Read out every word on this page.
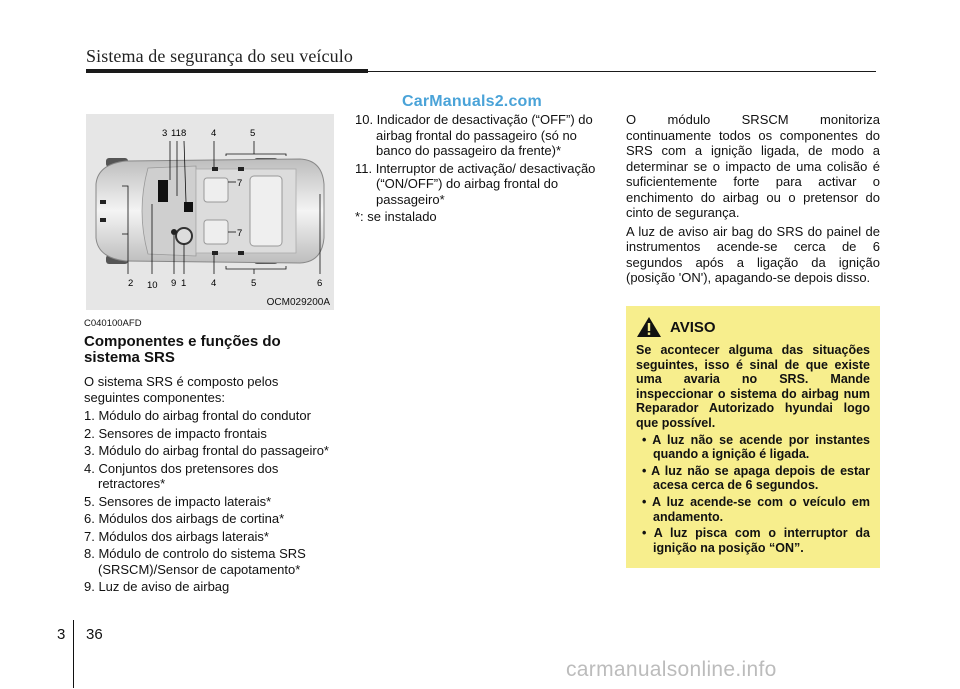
Sistema de segurança do seu veículo
CarManuals2.com
3 11 8	4	5
7
7
2 10 9 1	4	5	6
OCM029200A
C040100AFD
Componentes e funções do sistema SRS
O sistema SRS é composto pelos seguintes componentes:
1. Módulo do airbag frontal do condutor
2. Sensores de impacto frontais
3. Módulo do airbag frontal do passageiro*
4. Conjuntos dos pretensores dos retractores*
5. Sensores de impacto laterais*
6. Módulos dos airbags de cortina*
7. Módulos dos airbags laterais*
8. Módulo de controlo do sistema SRS (SRSCM)/Sensor de capotamento*
9. Luz de aviso de airbag
10. Indicador de desactivação (“OFF”) do airbag frontal do passageiro (só no banco do passageiro da frente)*
11. Interruptor de activação/ desactivação (“ON/OFF”) do airbag frontal do passageiro*
*: se instalado
O módulo SRSCM monitoriza continuamente todos os componentes do SRS com a ignição ligada, de modo a determinar se o impacto de uma colisão é suficientemente forte para activar o enchimento do airbag ou o pretensor do cinto de segurança.
A luz de aviso air bag do SRS do painel de instrumentos acende-se cerca de 6 segundos após a ligação da ignição (posição 'ON'), apagando-se depois disso.
AVISO
Se acontecer alguma das situações seguintes, isso é sinal de que existe uma avaria no SRS. Mande inspeccionar o sistema do airbag num Reparador Autorizado hyundai logo que possível.
• A luz não se acende por instantes quando a ignição é ligada.
• A luz não se apaga depois de estar acesa cerca de 6 segundos.
• A luz acende-se com o veículo em andamento.
• A luz pisca com o interruptor da ignição na posição “ON”.
3 36
carmanualsonline.info
